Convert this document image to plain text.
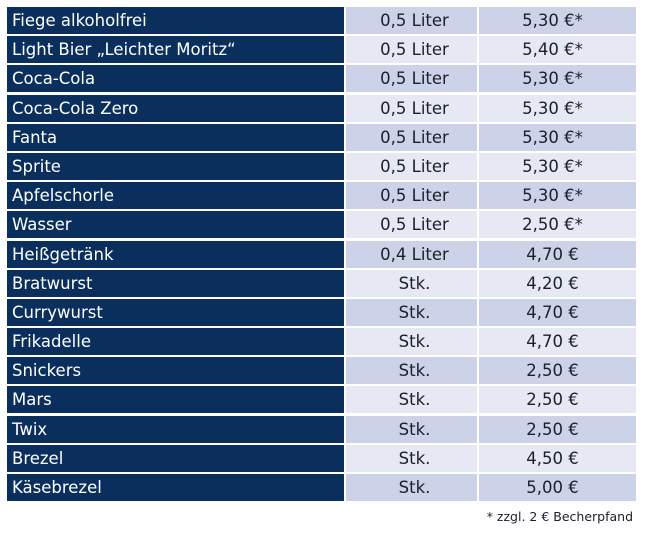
Fiege alkoholfrei	0,5 Liter	5,30 €*
Light Bier „Leichter Moritz“	0,5 Liter	5,40 €*
Coca-Cola	0,5 Liter	5,30 €*
Coca-Cola Zero	0,5 Liter	5,30 €*
Fanta	0,5 Liter	5,30 €*
Sprite	0,5 Liter	5,30 €*
Apfelschorle	0,5 Liter	5,30 €*
Wasser	0,5 Liter	2,50 €*
Heißgetränk	0,4 Liter	4,70 €
Bratwurst	Stk.	4,20 €
Currywurst	Stk.	4,70 €
Frikadelle	Stk.	4,70 €
Snickers	Stk.	2,50 €
Mars	Stk.	2,50 €
Twix	Stk.	2,50 €
Brezel	Stk.	4,50 €
Käsebrezel	Stk.	5,00 €
* zzgl. 2 € Becherpfand
